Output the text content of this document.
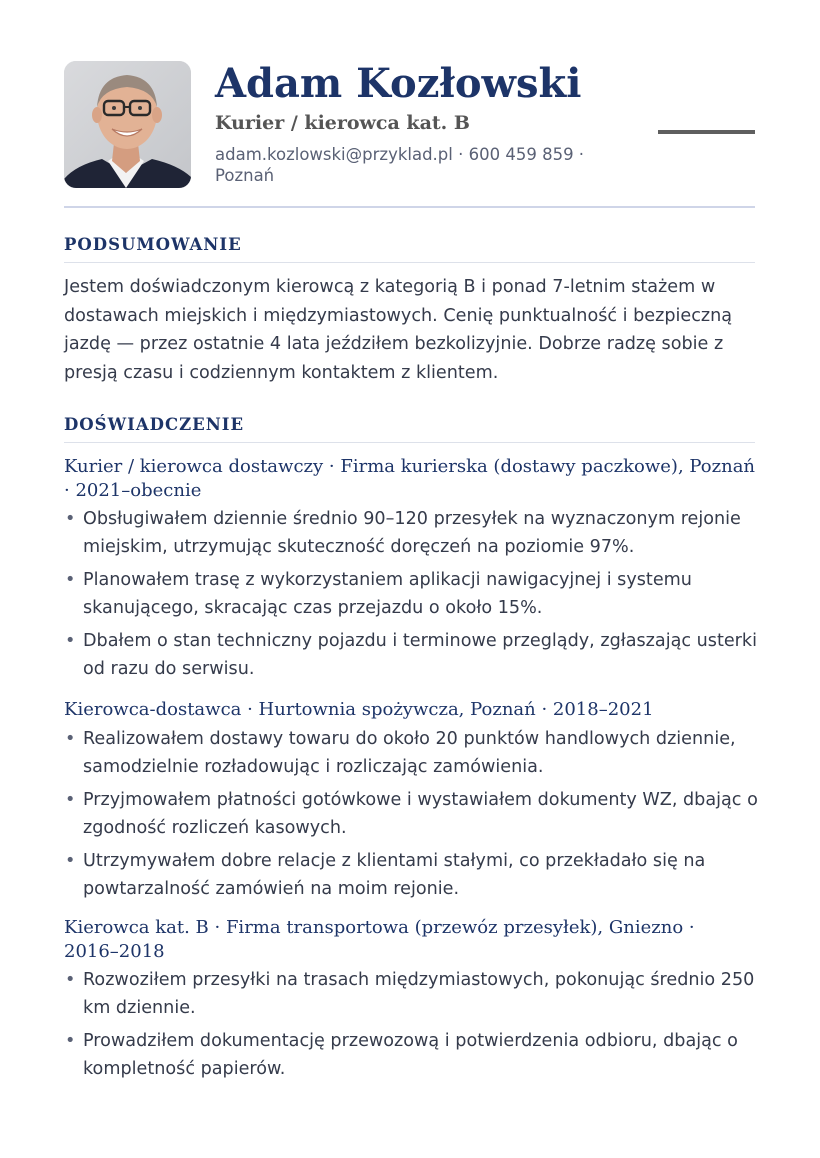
Adam Kozłowski
Kurier / kierowca kat. B
adam.kozlowski@przyklad.pl · 600 459 859 · Poznań
PODSUMOWANIE

Jestem doświadczonym kierowcą z kategorią B i ponad 7-letnim stażem w dostawach miejskich i międzymiastowych. Cenię punktualność i bezpieczną jazdę — przez ostatnie 4 lata jeździłem bezkolizyjnie. Dobrze radzę sobie z presją czasu i codziennym kontaktem z klientem.

DOŚWIADCZENIE
Kurier / kierowca dostawczy · Firma kurierska (dostawy paczkowe), Poznań · 2021–obecnie
• Obsługiwałem dziennie średnio 90–120 przesyłek na wyznaczonym rejonie miejskim, utrzymując skuteczność doręczeń na poziomie 97%.
• Planowałem trasę z wykorzystaniem aplikacji nawigacyjnej i systemu skanującego, skracając czas przejazdu o około 15%.
• Dbałem o stan techniczny pojazdu i terminowe przeglądy, zgłaszając usterki od razu do serwisu.
Kierowca-dostawca · Hurtownia spożywcza, Poznań · 2018–2021
• Realizowałem dostawy towaru do około 20 punktów handlowych dziennie, samodzielnie rozładowując i rozliczając zamówienia.
• Przyjmowałem płatności gotówkowe i wystawiałem dokumenty WZ, dbając o zgodność rozliczeń kasowych.
• Utrzymywałem dobre relacje z klientami stałymi, co przekładało się na powtarzalność zamówień na moim rejonie.
Kierowca kat. B · Firma transportowa (przewóz przesyłek), Gniezno · 2016–2018
• Rozwoziłem przesyłki na trasach międzymiastowych, pokonując średnio 250 km dziennie.
• Prowadziłem dokumentację przewozową i potwierdzenia odbioru, dbając o kompletność papierów.
